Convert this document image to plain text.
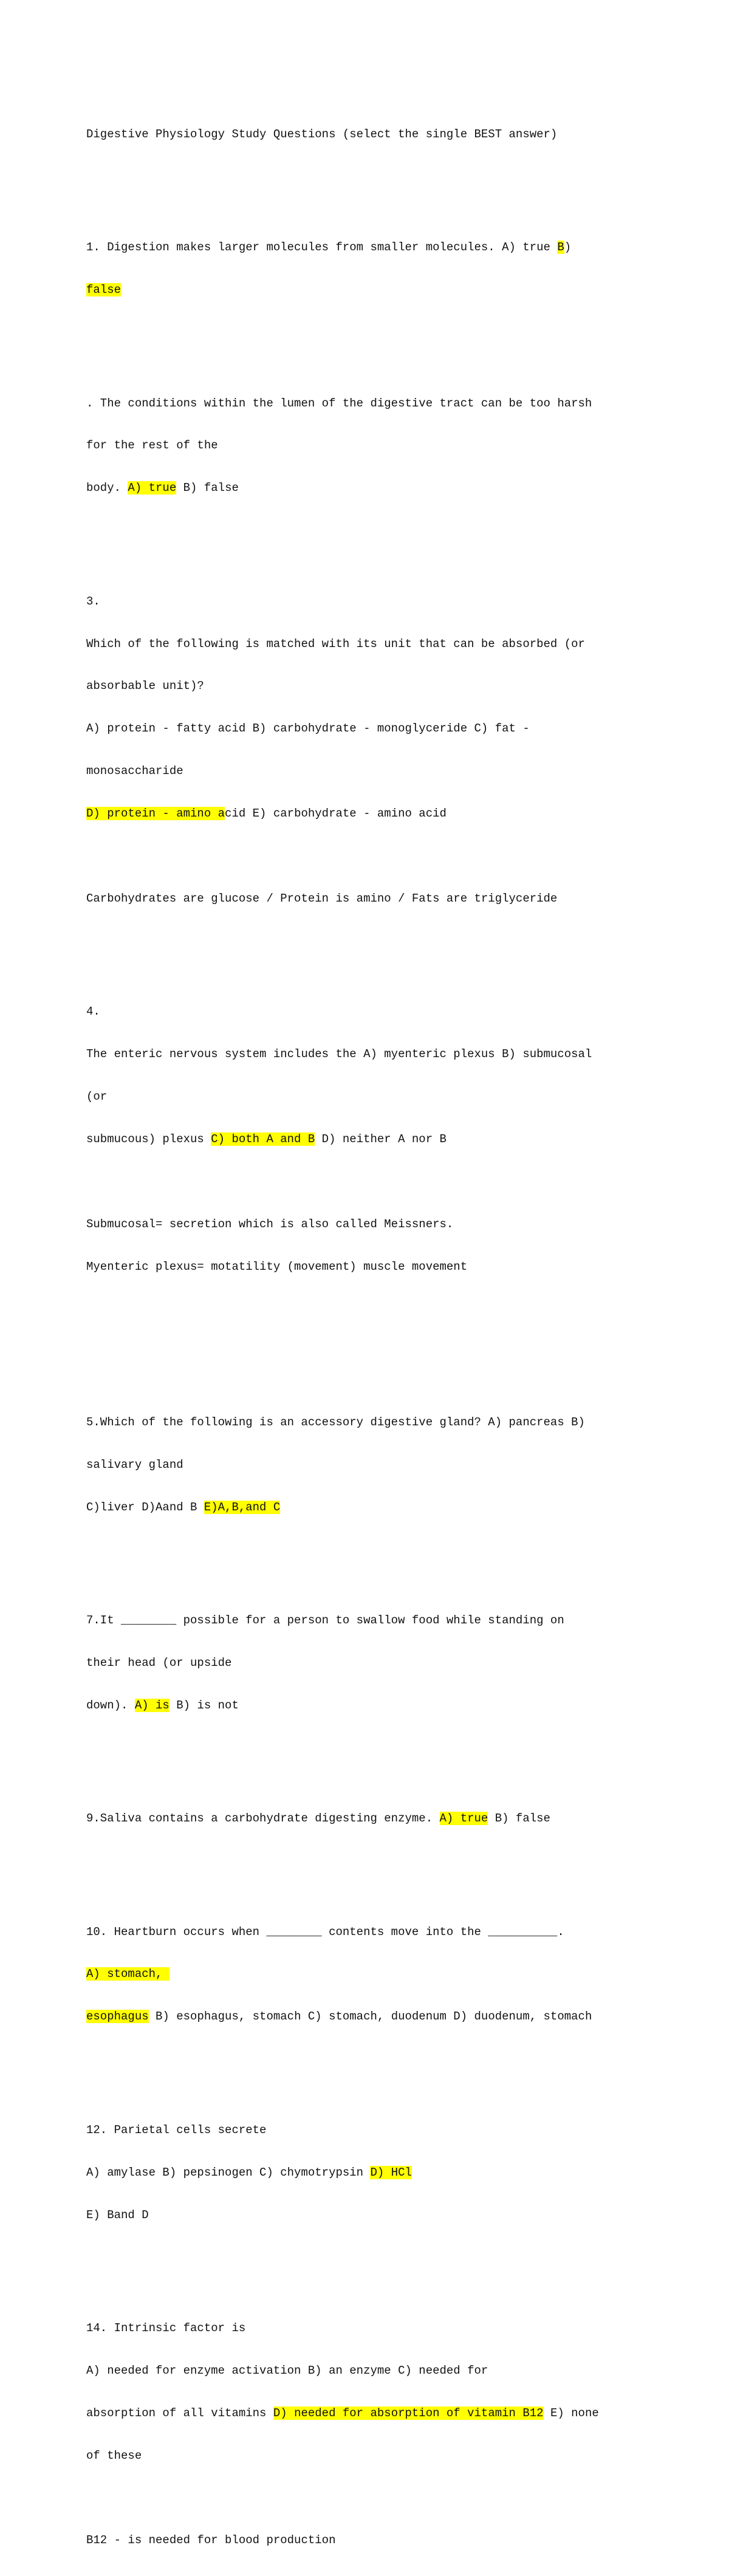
Digestive Physiology Study Questions (select the single BEST answer)

1. Digestion makes larger molecules from smaller molecules. A) true B)

false

. The conditions within the lumen of the digestive tract can be too harsh

for the rest of the

body. A) true B) false

3.

Which of the following is matched with its unit that can be absorbed (or

absorbable unit)?

A) protein - fatty acid B) carbohydrate - monoglyceride C) fat -

monosaccharide

D) protein - amino acid E) carbohydrate - amino acid

Carbohydrates are glucose / Protein is amino / Fats are triglyceride

4.

The enteric nervous system includes the A) myenteric plexus B) submucosal

(or

submucous) plexus C) both A and B D) neither A nor B

Submucosal= secretion which is also called Meissners.

Myenteric plexus= motatility (movement) muscle movement

5.Which of the following is an accessory digestive gland? A) pancreas B)

salivary gland

C)liver D)Aand B E)A,B,and C

7.It ________ possible for a person to swallow food while standing on

their head (or upside

down). A) is B) is not

9.Saliva contains a carbohydrate digesting enzyme. A) true B) false

10. Heartburn occurs when ________ contents move into the __________.

A) stomach,

esophagus B) esophagus, stomach C) stomach, duodenum D) duodenum, stomach

12. Parietal cells secrete

A) amylase B) pepsinogen C) chymotrypsin D) HCl

E) Band D

14. Intrinsic factor is

A) needed for enzyme activation B) an enzyme C) needed for

absorption of all vitamins D) needed for absorption of vitamin B12 E) none

of these

B12 - is needed for blood production
